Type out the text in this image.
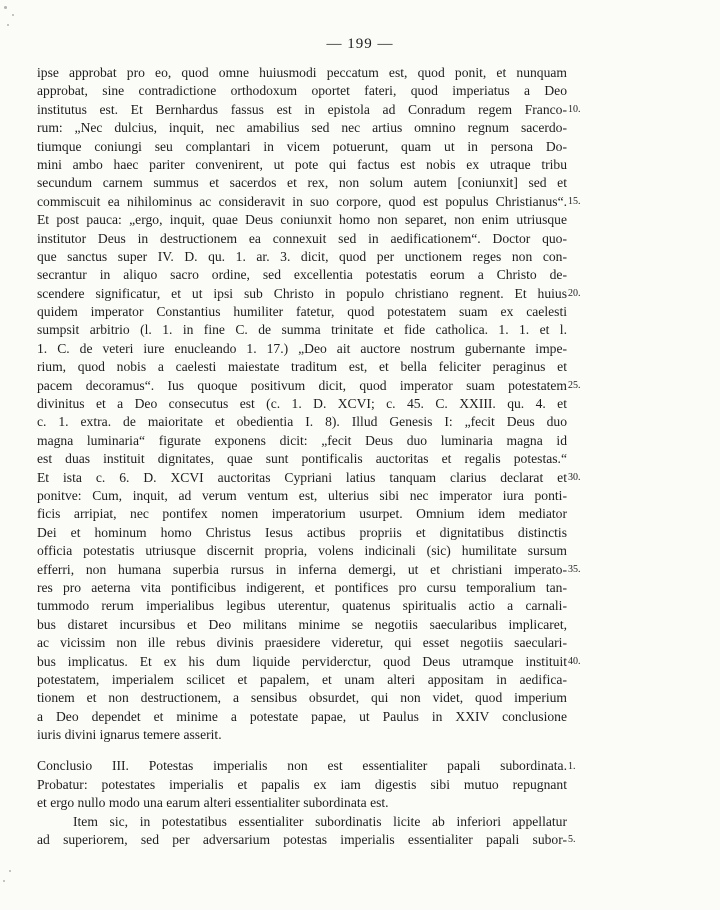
— 199 —
ipse approbat pro eo, quod omne huiusmodi peccatum est, quod ponit, et nunquam
approbat, sine contradictione orthodoxum oportet fateri, quod imperiatus a Deo
institutus est. Et Bernhardus fassus est in epistola ad Conradum regem Franco-
rum: „Nec dulcius, inquit, nec amabilius sed nec artius omnino regnum sacerdo-
tiumque coniungi seu complantari in vicem potuerunt, quam ut in persona Do-
mini ambo haec pariter convenirent, ut pote qui factus est nobis ex utraque tribu
secundum carnem summus et sacerdos et rex, non solum autem [coniunxit] sed et
commiscuit ea nihilominus ac consideravit in suo corpore, quod est populus Christianus“.
Et post pauca: „ergo, inquit, quae Deus coniunxit homo non separet, non enim utriusque
institutor Deus in destructionem ea connexuit sed in aedificationem“. Doctor quo-
que sanctus super IV. D. qu. 1. ar. 3. dicit, quod per unctionem reges non con-
secrantur in aliquo sacro ordine, sed excellentia potestatis eorum a Christo de-
scendere significatur, et ut ipsi sub Christo in populo christiano regnent. Et huius
quidem imperator Constantius humiliter fatetur, quod potestatem suam ex caelesti
sumpsit arbitrio (l. 1. in fine C. de summa trinitate et fide catholica. 1. 1. et l.
1. C. de veteri iure enucleando 1. 17.) „Deo ait auctore nostrum gubernante impe-
rium, quod nobis a caelesti maiestate traditum est, et bella feliciter peraginus et
pacem decoramus“. Ius quoque positivum dicit, quod imperator suam potestatem
divinitus et a Deo consecutus est (c. 1. D. XCVI; c. 45. C. XXIII. qu. 4. et
c. 1. extra. de maioritate et obedientia I. 8). Illud Genesis I: „fecit Deus duo
magna luminaria“ figurate exponens dicit: „fecit Deus duo luminaria magna id
est duas instituit dignitates, quae sunt pontificalis auctoritas et regalis potestas.“
Et ista c. 6. D. XCVI auctoritas Cypriani latius tanquam clarius declarat et
ponitve: Cum, inquit, ad verum ventum est, ulterius sibi nec imperator iura ponti-
ficis arripiat, nec pontifex nomen imperatorium usurpet. Omnium idem mediator
Dei et hominum homo Christus Iesus actibus propriis et dignitatibus distinctis
officia potestatis utriusque discernit propria, volens indicinali (sic) humilitate sursum
efferri, non humana superbia rursus in inferna demergi, ut et christiani imperato-
res pro aeterna vita pontificibus indigerent, et pontifices pro cursu temporalium tan-
tummodo rerum imperialibus legibus uterentur, quatenus spiritualis actio a carnali-
bus distaret incursibus et Deo militans minime se negotiis saecularibus implicaret,
ac vicissim non ille rebus divinis praesidere videretur, qui esset negotiis saeculari-
bus implicatus. Et ex his dum liquide perviderctur, quod Deus utramque instituit
potestatem, imperialem scilicet et papalem, et unam alteri appositam in aedifica-
tionem et non destructionem, a sensibus obsurdet, qui non videt, quod imperium
a Deo dependet et minime a potestate papae, ut Paulus in XXIV conclusione
iuris divini ignarus temere asserit.
Conclusio III. Potestas imperialis non est essentialiter papali subordinata.
Probatur: potestates imperialis et papalis ex iam digestis sibi mutuo repugnant
et ergo nullo modo una earum alteri essentialiter subordinata est.
Item sic, in potestatibus essentialiter subordinatis licite ab inferiori appellatur
ad superiorem, sed per adversarium potestas imperialis essentialiter papali subor-
10.
15.
20.
25.
30.
35.
40.
1.
5.
